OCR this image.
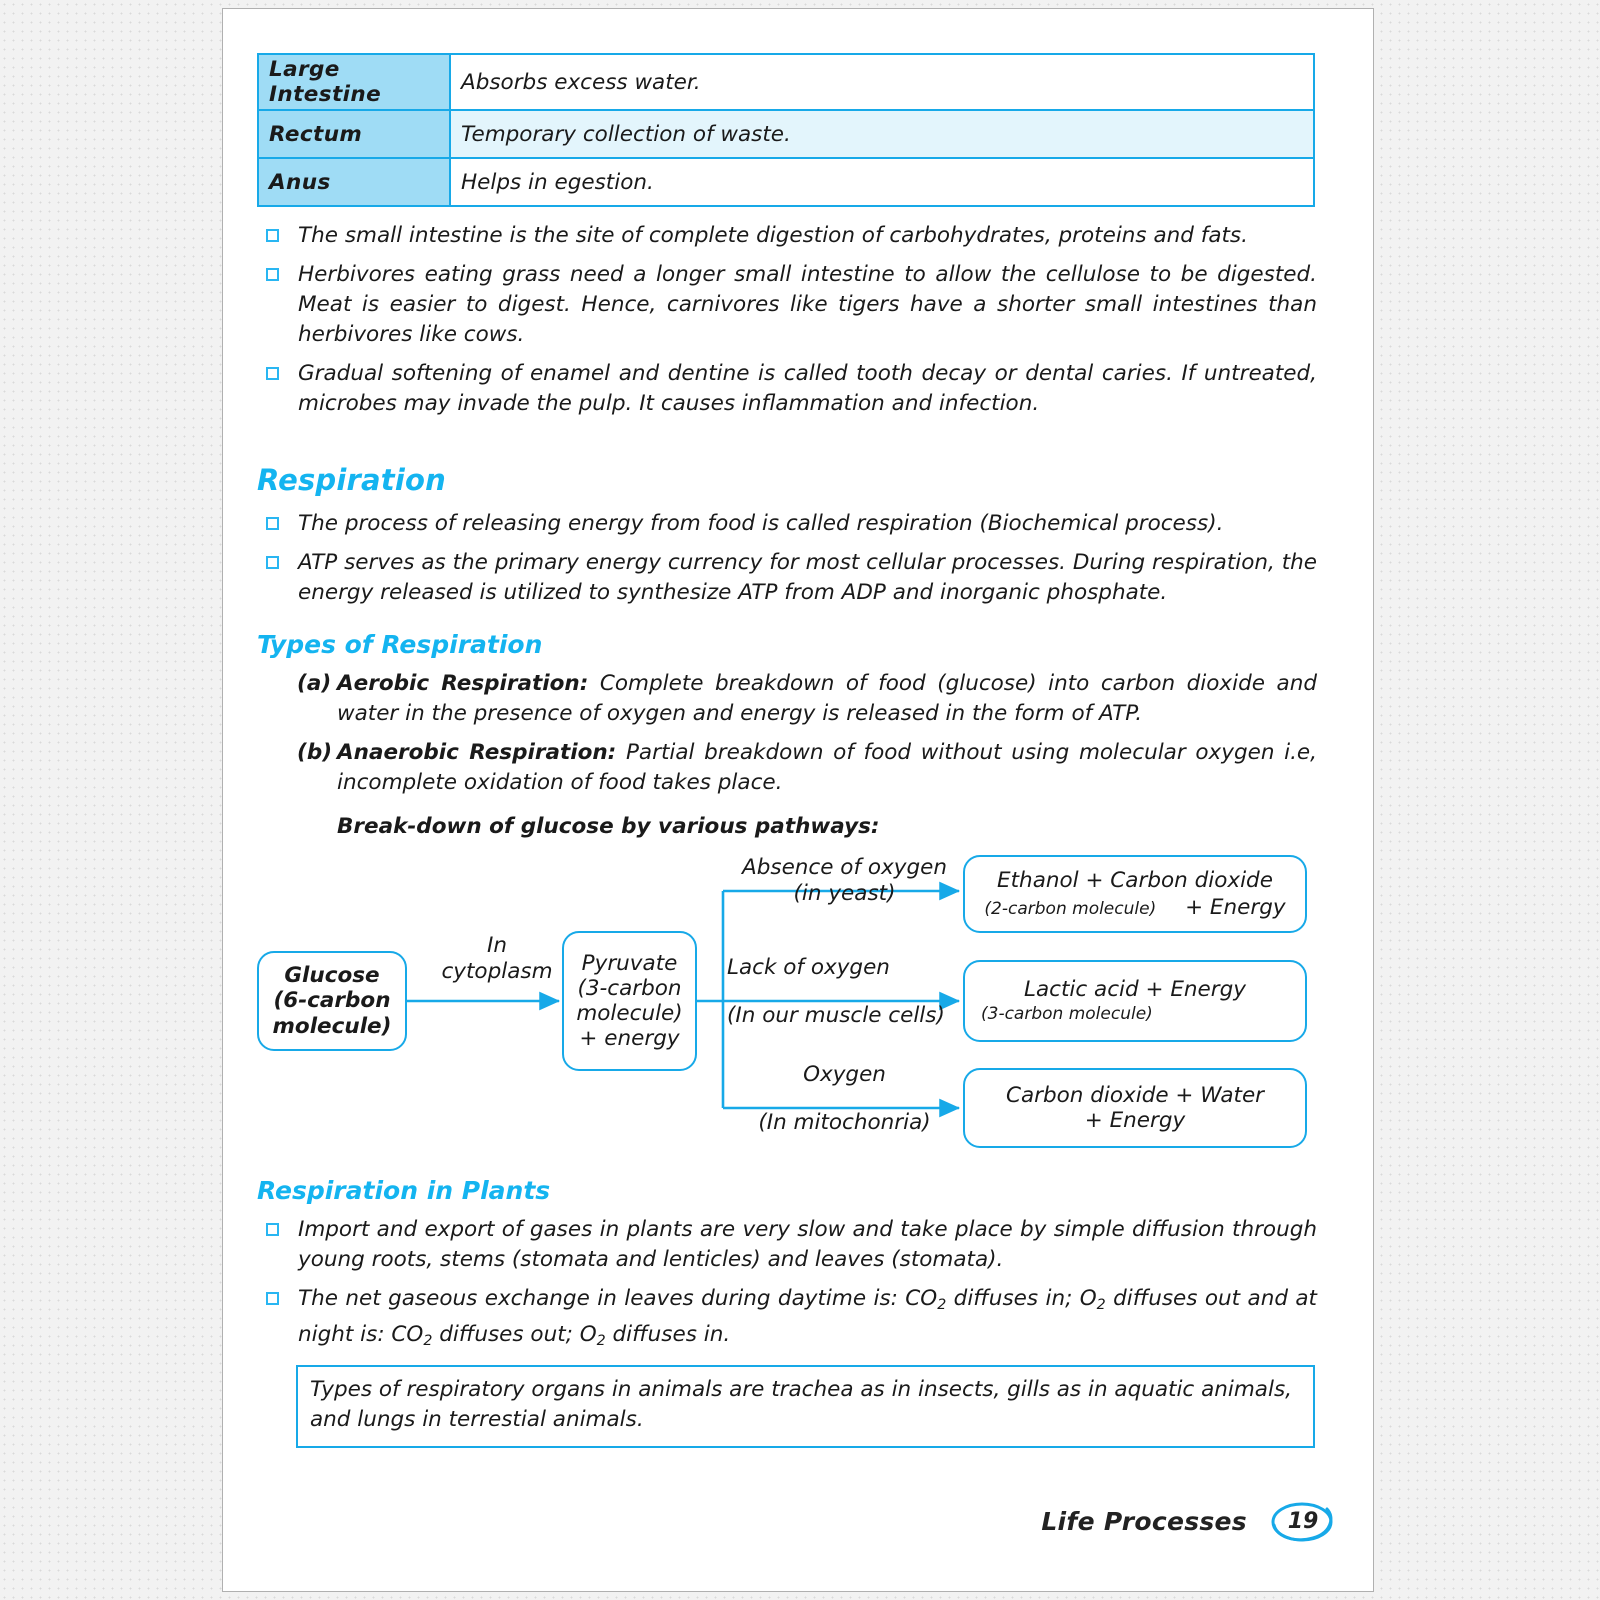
Large Intestine	Absorbs excess water.
Rectum	Temporary collection of waste.
Anus	Helps in egestion.
The small intestine is the site of complete digestion of carbohydrates, proteins and fats.
Herbivores eating grass need a longer small intestine to allow the cellulose to be digested. Meat is easier to digest. Hence, carnivores like tigers have a shorter small intestines than herbivores like cows.
Gradual softening of enamel and dentine is called tooth decay or dental caries. If untreated, microbes may invade the pulp. It causes inflammation and infection.
Respiration
The process of releasing energy from food is called respiration (Biochemical process).
ATP serves as the primary energy currency for most cellular processes. During respiration, the energy released is utilized to synthesize ATP from ADP and inorganic phosphate.
Types of Respiration
(a) Aerobic Respiration: Complete breakdown of food (glucose) into carbon dioxide and water in the presence of oxygen and energy is released in the form of ATP.
(b) Anaerobic Respiration: Partial breakdown of food without using molecular oxygen i.e, incomplete oxidation of food takes place.
Break-down of glucose by various pathways:
Glucose
(6-carbon
molecule)
In
cytoplasm	Pyruvate
(3-carbon
molecule)
+ energy
Absence of oxygen
(in yeast)
Ethanol + Carbon dioxide
(2-carbon molecule) + Energy
Lack of oxygen
(In our muscle cells)
Lactic acid + Energy
(3-carbon molecule)
Oxygen
(In mitochonria)
Carbon dioxide + Water
+ Energy
Respiration in Plants
Import and export of gases in plants are very slow and take place by simple diffusion through young roots, stems (stomata and lenticles) and leaves (stomata).
The net gaseous exchange in leaves during daytime is: $CO_2$ diffuses in; $O_2$ diffuses out and at night is: $CO_2$ diffuses out; $O_2$ diffuses in.
Types of respiratory organs in animals are trachea as in insects, gills as in aquatic animals, and lungs in terrestial animals.
Life Processes	19
